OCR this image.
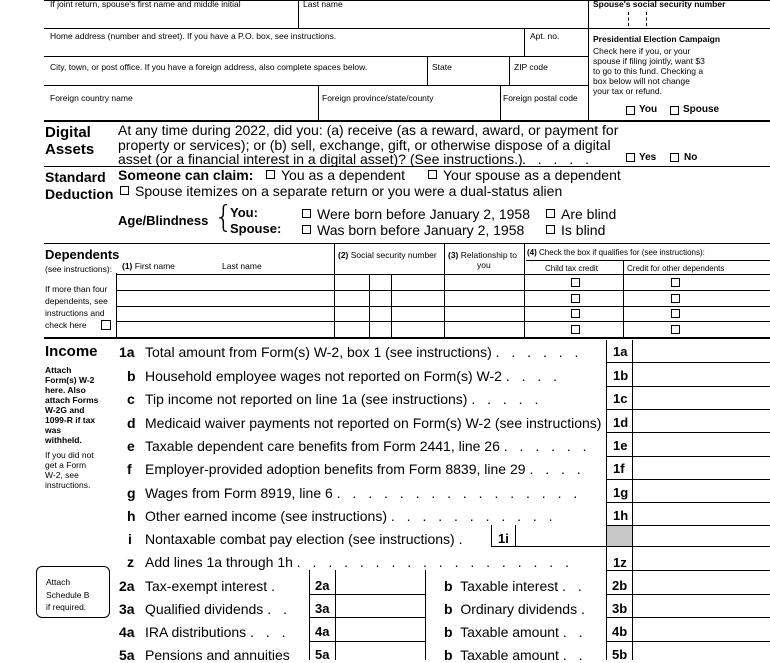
If joint return, spouse's first name and middle initial	Last name	Spouse's social security number
Home address (number and street). If you have a P.O. box, see instructions.	Apt. no.
City, town, or post office. If you have a foreign address, also complete spaces below.	State	ZIP code
Foreign country name	Foreign province/state/county	Foreign postal code
Presidential Election Campaign
Check here if you, or your
spouse if filing jointly, want $3
to go to this fund. Checking a
box below will not change
your tax or refund.
You	Spouse
Digital
Assets
At any time during 2022, did you: (a) receive (as a reward, award, or payment for
property or services); or (b) sell, exchange, gift, or otherwise dispose of a digital
asset (or a financial interest in a digital asset)? (See instructions.) . . . . .	Yes	No
Standard
Deduction
Someone can claim: You as a dependent	Your spouse as a dependent
Spouse itemizes on a separate return or you were a dual-status alien
Age/Blindness {
You:
Spouse:
Were born before January 2, 1958 Are blind
Was born before January 2, 1958	Is blind
Dependents
(see instructions): (1) First name	Last name
(2) Social security number (3) Relationship to
you
(4) Check the box if qualifies for (see instructions):
Child tax credit	Credit for other dependents
If more than four
dependents, see
instructions and
check here
Income
Attach
Form(s) W-2
here. Also
attach Forms
W-2G and
1099-R if tax
was
withheld.
If you did not
get a Form
W-2, see
instructions.
1a Total amount from Form(s) W-2, box 1 (see instructions) . . . . . . 1a
b Household employee wages not reported on Form(s) W-2 . . . .	1b
c Tip income not reported on line 1a (see instructions) . . . . .	1c
d Medicaid waiver payments not reported on Form(s) W-2 (see instructions) 1d
e Taxable dependent care benefits from Form 2441, line 26 . . . . . . 1e
f Employer-provided adoption benefits from Form 8839, line 29 . . . . 1f
g Wages from Form 8919, line 6 . . . . . . . . . . . . . . . . 1g
h Other earned income (see instructions) . . . . . . . . . . .	1h
i Nontaxable combat pay election (see instructions) . 1i
z Add lines 1a through 1h . . . . . . . . . . . . . . . . . .	1z
Attach
Schedule B
if required.
2a Tax-exempt interest .	2a	b Taxable interest . . 2b
3a Qualified dividends . . 3a	b Ordinary dividends . 3b
4a IRA distributions . . . 4a	b Taxable amount . . 4b
5a Pensions and annuities 5a	b Taxable amount . . 5b
